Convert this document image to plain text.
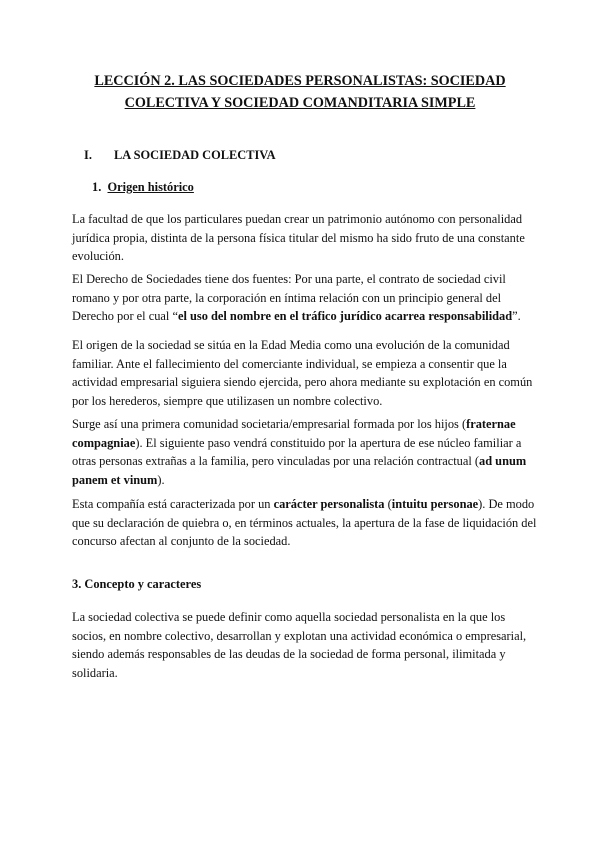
LECCIÓN 2. LAS SOCIEDADES PERSONALISTAS: SOCIEDAD
COLECTIVA Y SOCIEDAD COMANDITARIA SIMPLE
I. LA SOCIEDAD COLECTIVA
1. Origen histórico
La facultad de que los particulares puedan crear un patrimonio autónomo con personalidad
jurídica propia, distinta de la persona física titular del mismo ha sido fruto de una constante
evolución.
El Derecho de Sociedades tiene dos fuentes: Por una parte, el contrato de sociedad civil
romano y por otra parte, la corporación en íntima relación con un principio general del
Derecho por el cual “el uso del nombre en el tráfico jurídico acarrea responsabilidad”.
El origen de la sociedad se sitúa en la Edad Media como una evolución de la comunidad
familiar. Ante el fallecimiento del comerciante individual, se empieza a consentir que la
actividad empresarial siguiera siendo ejercida, pero ahora mediante su explotación en común
por los herederos, siempre que utilizasen un nombre colectivo.
Surge así una primera comunidad societaria/empresarial formada por los hijos (fraternae
compagniae). El siguiente paso vendrá constituido por la apertura de ese núcleo familiar a
otras personas extrañas a la familia, pero vinculadas por una relación contractual (ad unum
panem et vinum).
Esta compañía está caracterizada por un carácter personalista (intuitu personae). De modo
que su declaración de quiebra o, en términos actuales, la apertura de la fase de liquidación del
concurso afectan al conjunto de la sociedad.
3. Concepto y caracteres
La sociedad colectiva se puede definir como aquella sociedad personalista en la que los
socios, en nombre colectivo, desarrollan y explotan una actividad económica o empresarial,
siendo además responsables de las deudas de la sociedad de forma personal, ilimitada y
solidaria.
